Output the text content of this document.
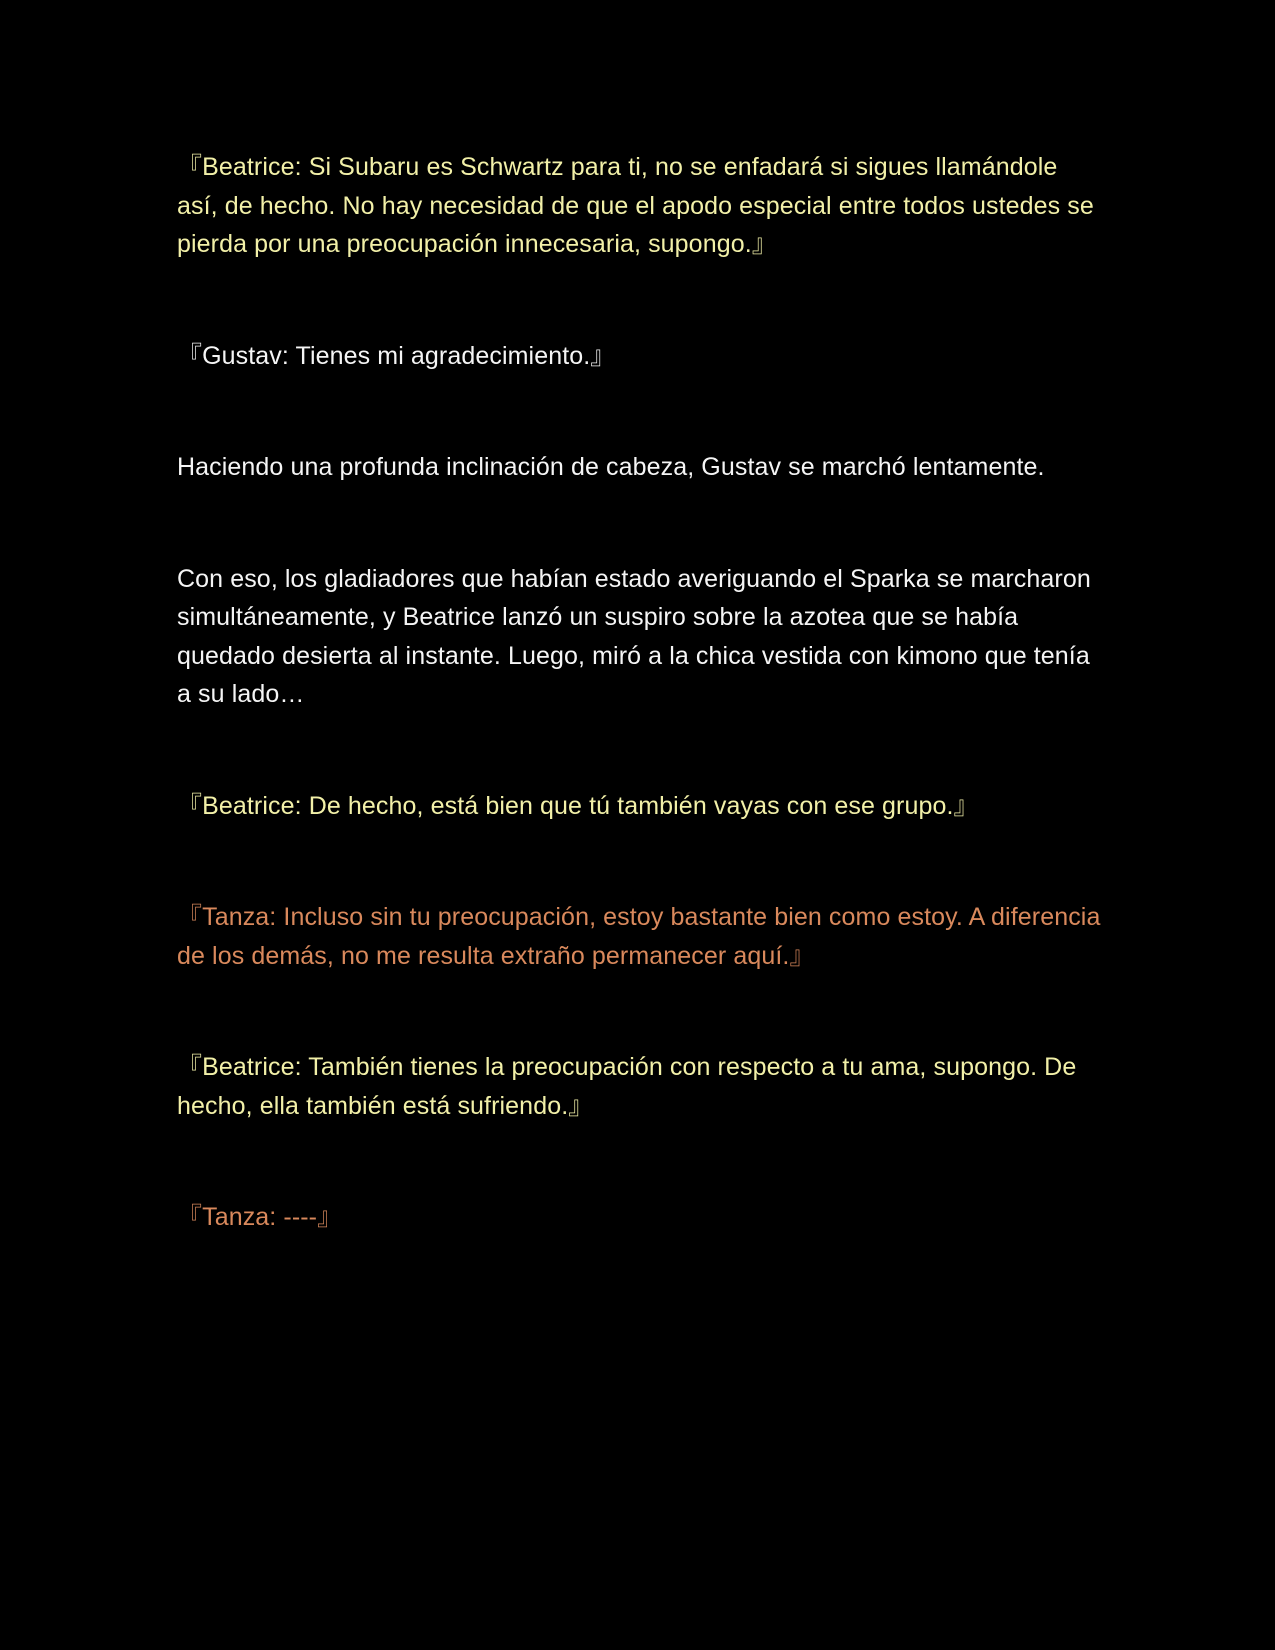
『Beatrice: Si Subaru es Schwartz para ti, no se enfadará si sigues llamándole así, de hecho. No hay necesidad de que el apodo especial entre todos ustedes se pierda por una preocupación innecesaria, supongo.』

『Gustav: Tienes mi agradecimiento.』

Haciendo una profunda inclinación de cabeza, Gustav se marchó lentamente.

Con eso, los gladiadores que habían estado averiguando el Sparka se marcharon simultáneamente, y Beatrice lanzó un suspiro sobre la azotea que se había quedado desierta al instante. Luego, miró a la chica vestida con kimono que tenía a su lado…

『Beatrice: De hecho, está bien que tú también vayas con ese grupo.』

『Tanza: Incluso sin tu preocupación, estoy bastante bien como estoy. A diferencia de los demás, no me resulta extraño permanecer aquí.』

『Beatrice: También tienes la preocupación con respecto a tu ama, supongo. De hecho, ella también está sufriendo.』

『Tanza: ----』
